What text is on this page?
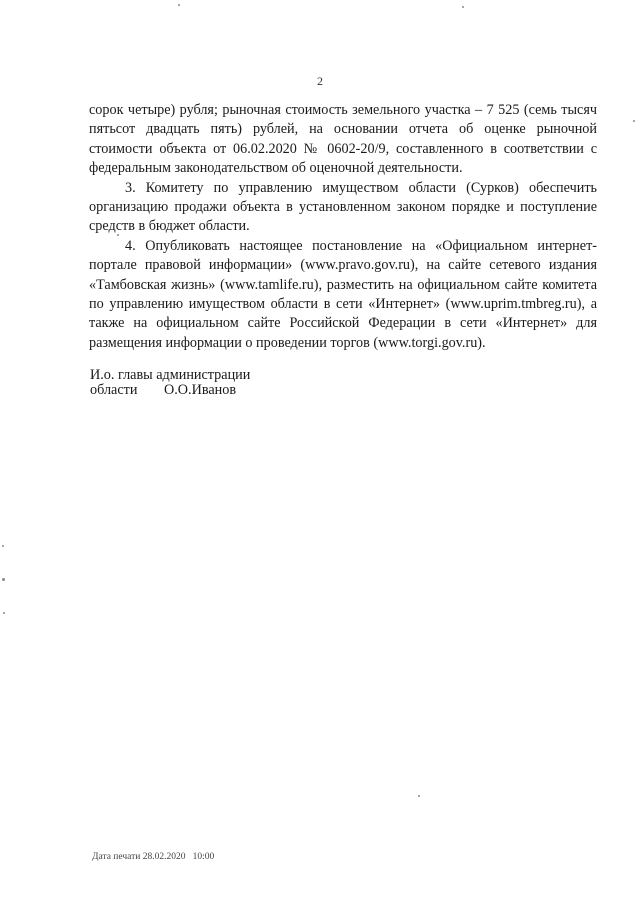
2

сорок четыре) рубля; рыночная стоимость земельного участка – 7 525 (семь тысяч пятьсот двадцать пять) рублей, на основании отчета об оценке рыночной стоимости объекта от 06.02.2020 № 0602-20/9, составленного в соответствии с федеральным законодательством об оценочной деятельности.

3. Комитету по управлению имуществом области (Сурков) обеспечить организацию продажи объекта в установленном законом порядке и поступление средств в бюджет области.

4. Опубликовать настоящее постановление на «Официальном интернет-портале правовой информации» (www.pravo.gov.ru), на сайте сетевого издания «Тамбовская жизнь» (www.tamlife.ru), разместить на официальном сайте комитета по управлению имуществом области в сети «Интернет» (www.uprim.tmbreg.ru), а также на официальном сайте Российской Федерации в сети «Интернет» для размещения информации о проведении торгов (www.torgi.gov.ru).

И.о. главы администрации
области О.О.Иванов
Дата печати 28.02.2020   10:00
